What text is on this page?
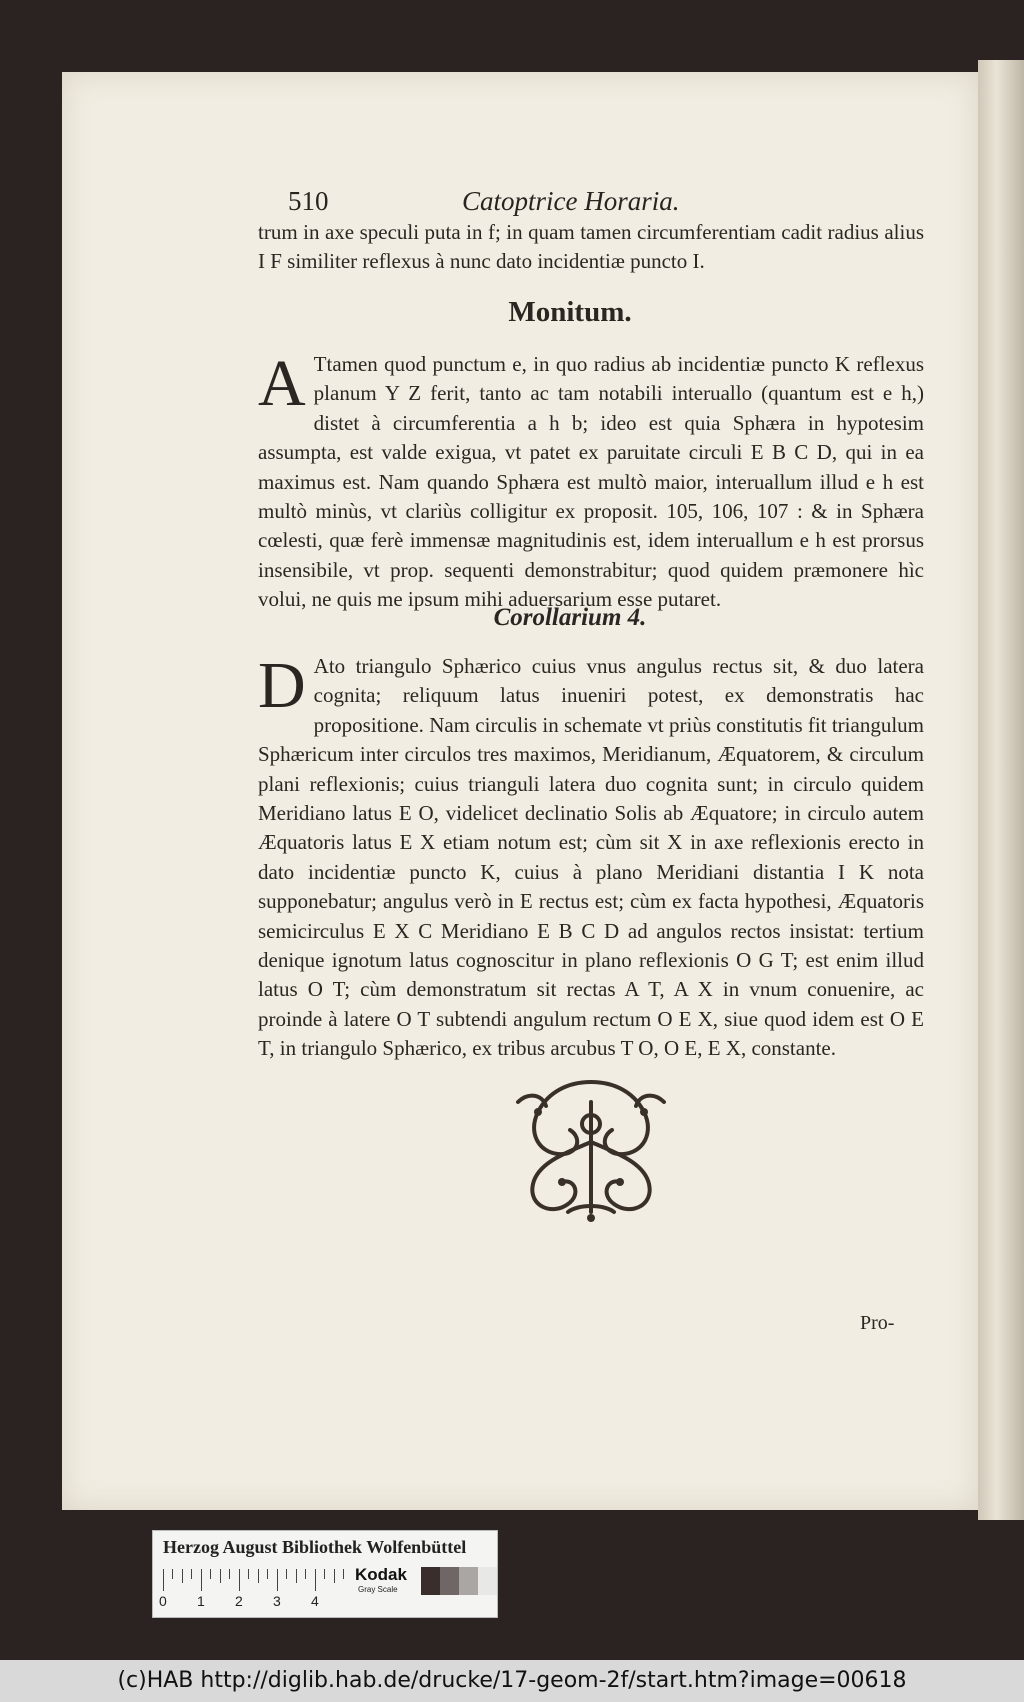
510	Catoptrice Horaria.

trum in axe speculi puta in f; in quam tamen circumferentiam cadit radius alius I F similiter reflexus à nunc dato incidentiæ puncto I.

Monitum.

A Ttamen quod punctum e, in quo radius ab incidentiæ puncto K reflexus planum Y Z ferit, tanto ac tam notabili interuallo (quantum est e h,) distet à circumferentia a h b; ideo est quia Sphæra in hypotesim assumpta, est valde exigua, vt patet ex paruitate circuli E B C D, qui in ea maximus est. Nam quando Sphæra est multò maior, interuallum illud e h est multò minùs, vt clariùs colligitur ex proposit. 105, 106, 107 : & in Sphæra cœlesti, quæ ferè immensæ magnitudinis est, idem interuallum e h est prorsus insensibile, vt prop. sequenti demonstrabitur; quod quidem præmonere hìc volui, ne quis me ipsum mihi aduersarium esse putaret.

Corollarium 4.

D Ato triangulo Sphærico cuius vnus angulus rectus sit, & duo latera cognita; reliquum latus inueniri potest, ex demonstratis hac propositione. Nam circulis in schemate vt priùs constitutis fit triangulum Sphæricum inter circulos tres maximos, Meridianum, Æquatorem, & circulum plani reflexionis; cuius trianguli latera duo cognita sunt; in circulo quidem Meridiano latus E O, videlicet declinatio Solis ab Æquatore; in circulo autem Æquatoris latus E X etiam notum est; cùm sit X in axe reflexionis erecto in dato incidentiæ puncto K, cuius à plano Meridiani distantia I K nota supponebatur; angulus verò in E rectus est; cùm ex facta hypothesi, Æquatoris semicirculus E X C Meridiano E B C D ad angulos rectos insistat: tertium denique ignotum latus cognoscitur in plano reflexionis O G T; est enim illud latus O T; cùm demonstratum sit rectas A T, A X in vnum conuenire, ac proinde à latere O T subtendi angulum rectum O E X, siue quod idem est O E T, in triangulo Sphærico, ex tribus arcubus T O, O E, E X, constante.

Pro-
Herzog August Bibliothek Wolfenbüttel
0 1 2 3 4
Kodak
Gray Scale
(c)HAB http://diglib.hab.de/drucke/17-geom-2f/start.htm?image=00618
